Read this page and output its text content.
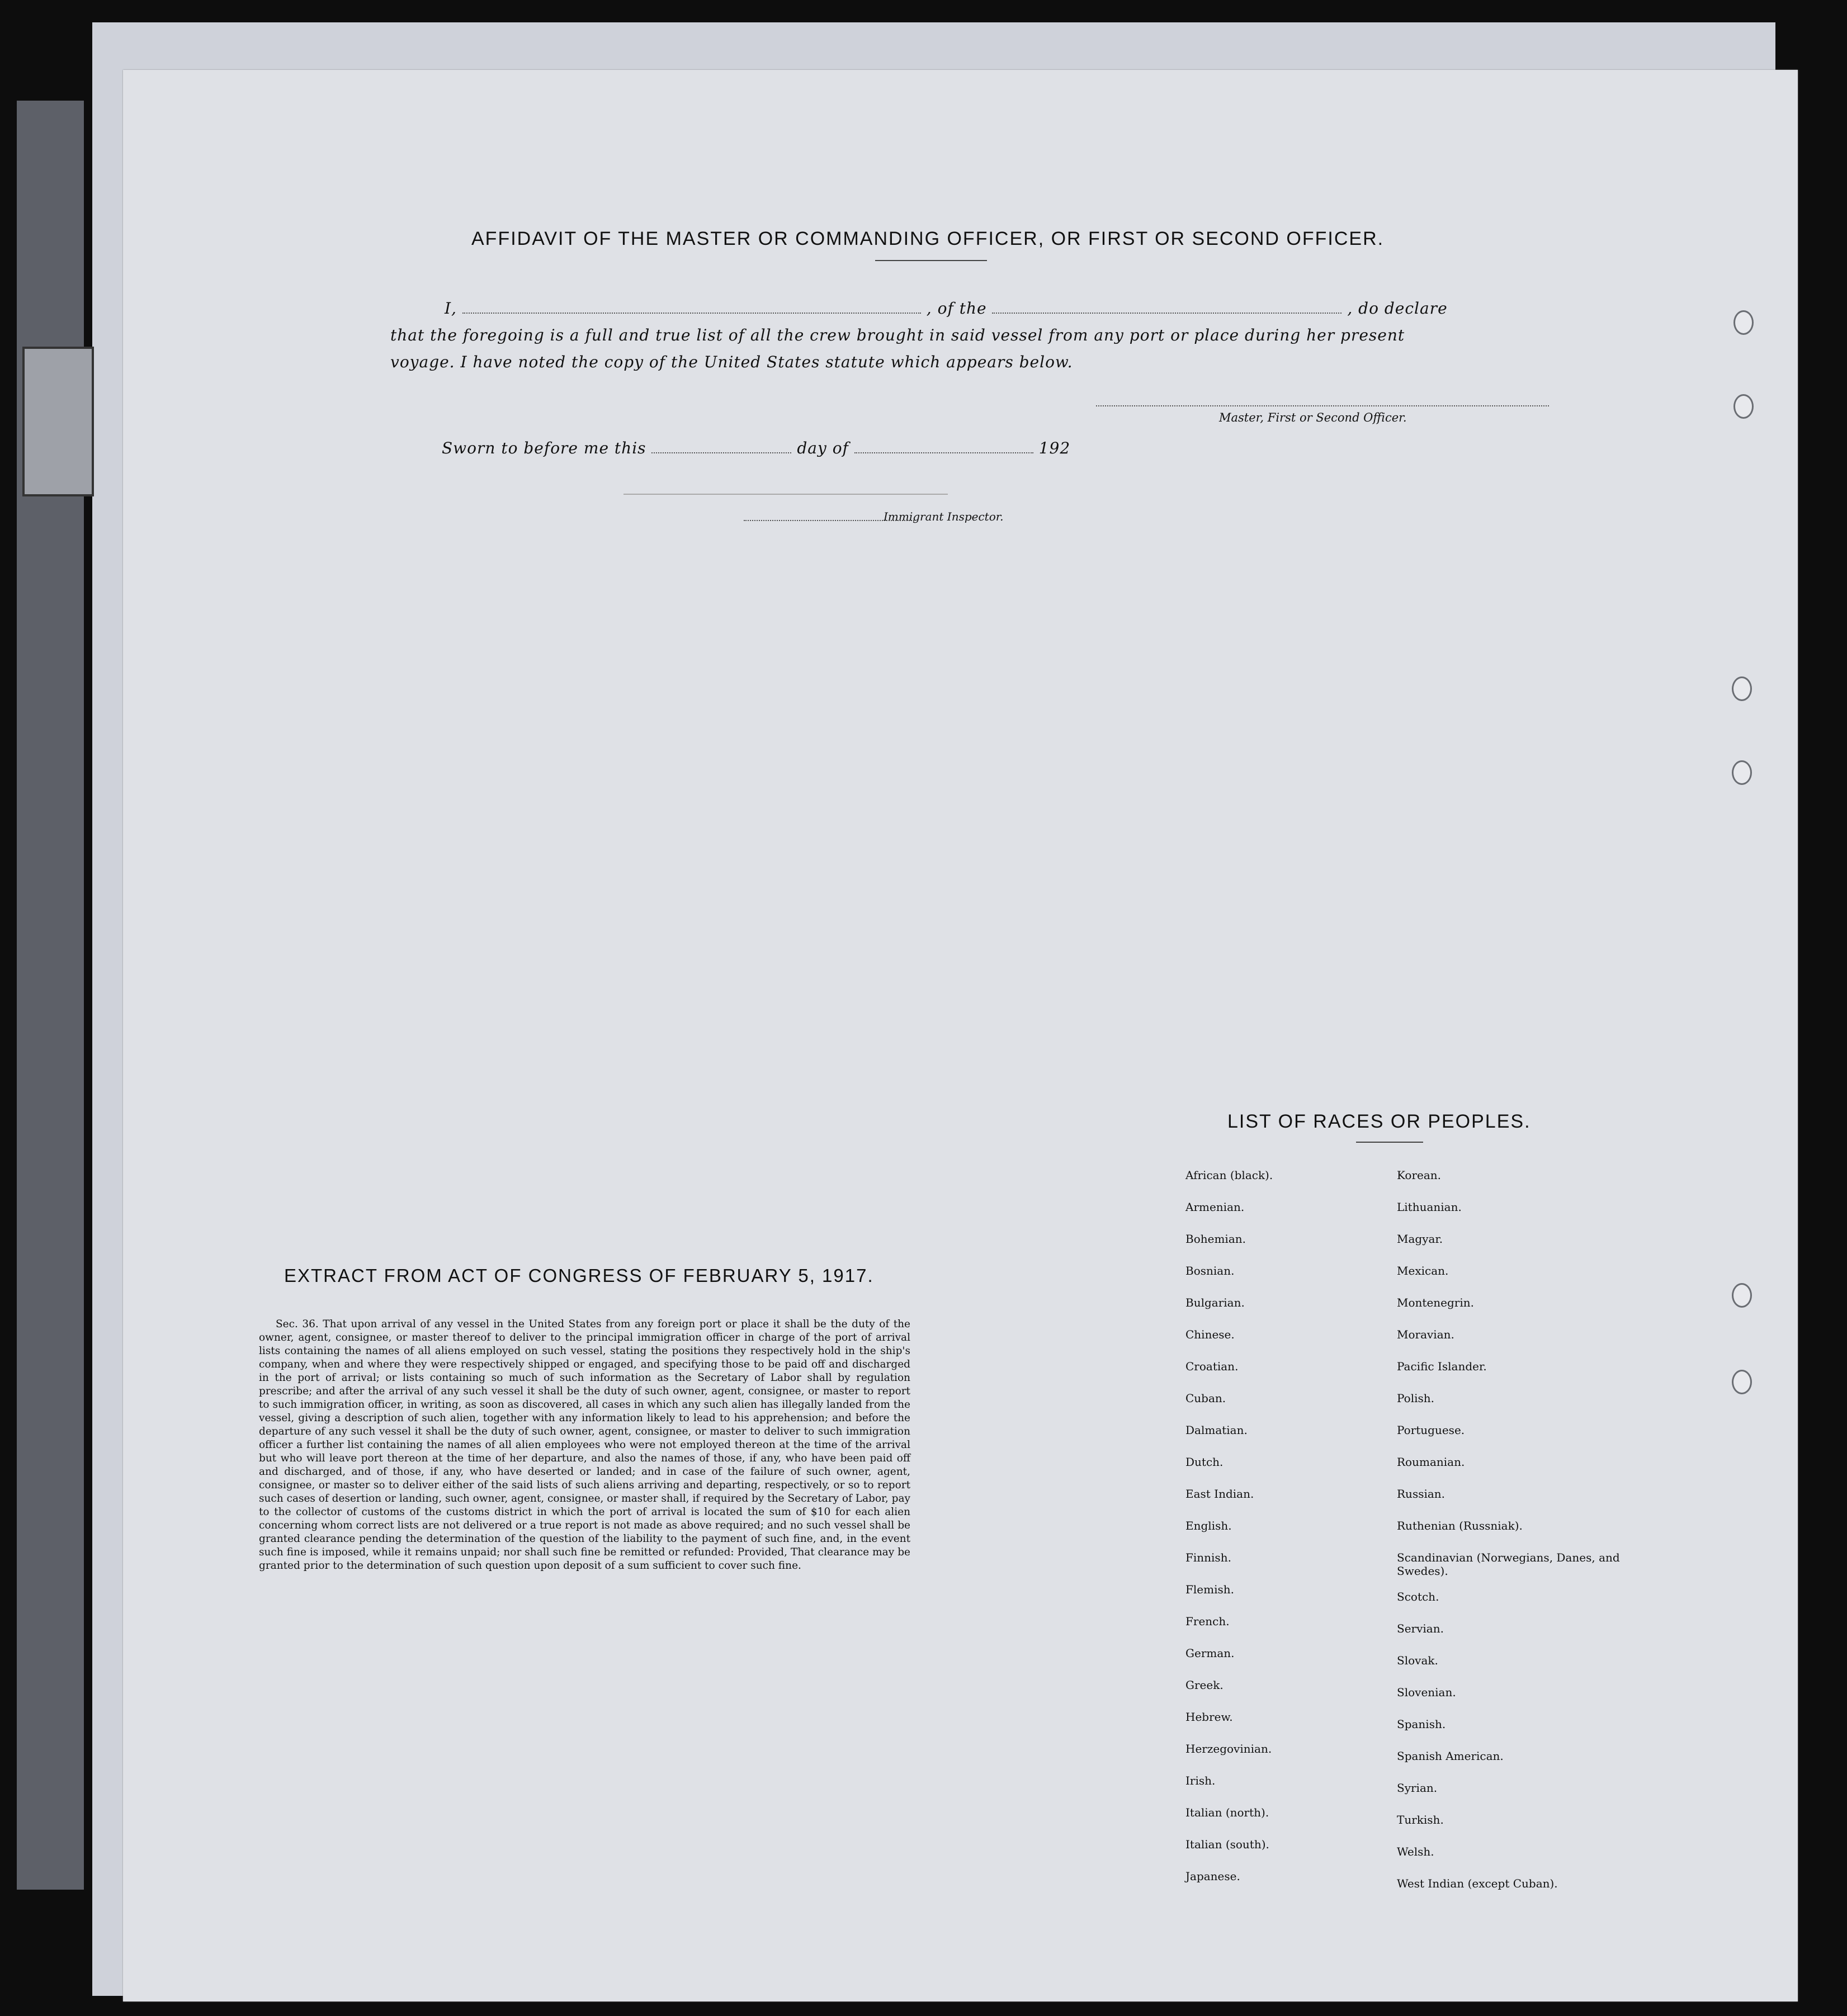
AFFIDAVIT OF THE MASTER OR COMMANDING OFFICER, OR FIRST OR SECOND OFFICER.
I,	, of the	, do declare
that the foregoing is a full and true list of all the crew brought in said vessel from any port or place during her present
voyage. I have noted the copy of the United States statute which appears below.
Master, First or Second Officer.
Sworn to before me this	day of	192
Immigrant Inspector.
EXTRACT FROM ACT OF CONGRESS OF FEBRUARY 5, 1917.

Sec. 36. That upon arrival of any vessel in the United States from any foreign port or place it shall be the duty of the owner, agent, consignee, or master thereof to deliver to the principal immigration officer in charge of the port of arrival lists containing the names of all aliens employed on such vessel, stating the positions they respectively hold in the ship's company, when and where they were respectively shipped or engaged, and specifying those to be paid off and discharged in the port of arrival; or lists containing so much of such information as the Secretary of Labor shall by regulation prescribe; and after the arrival of any such vessel it shall be the duty of such owner, agent, consignee, or master to report to such immigration officer, in writing, as soon as discovered, all cases in which any such alien has illegally landed from the vessel, giving a description of such alien, together with any information likely to lead to his apprehension; and before the departure of any such vessel it shall be the duty of such owner, agent, consignee, or master to deliver to such immigration officer a further list containing the names of all alien employees who were not employed thereon at the time of the arrival but who will leave port thereon at the time of her departure, and also the names of those, if any, who have been paid off and discharged, and of those, if any, who have deserted or landed; and in case of the failure of such owner, agent, consignee, or master so to deliver either of the said lists of such aliens arriving and departing, respectively, or so to report such cases of desertion or landing, such owner, agent, consignee, or master shall, if required by the Secretary of Labor, pay to the collector of customs of the customs district in which the port of arrival is located the sum of $10 for each alien concerning whom correct lists are not delivered or a true report is not made as above required; and no such vessel shall be granted clearance pending the determination of the question of the liability to the payment of such fine, and, in the event such fine is imposed, while it remains unpaid; nor shall such fine be remitted or refunded: Provided, That clearance may be granted prior to the determination of such question upon deposit of a sum sufficient to cover such fine.

LIST OF RACES OR PEOPLES.
African (black).
Armenian.
Bohemian.
Bosnian.
Bulgarian.
Chinese.
Croatian.
Cuban.
Dalmatian.
Dutch.
East Indian.
English.
Finnish.
Flemish.
French.
German.
Greek.
Hebrew.
Herzegovinian.
Irish.
Italian (north).
Italian (south).
Japanese.
Korean.
Lithuanian.
Magyar.
Mexican.
Montenegrin.
Moravian.
Pacific Islander.
Polish.
Portuguese.
Roumanian.
Russian.
Ruthenian (Russniak).
Scandinavian (Norwegians, Danes, and Swedes).
Scotch.
Servian.
Slovak.
Slovenian.
Spanish.
Spanish American.
Syrian.
Turkish.
Welsh.
West Indian (except Cuban).
